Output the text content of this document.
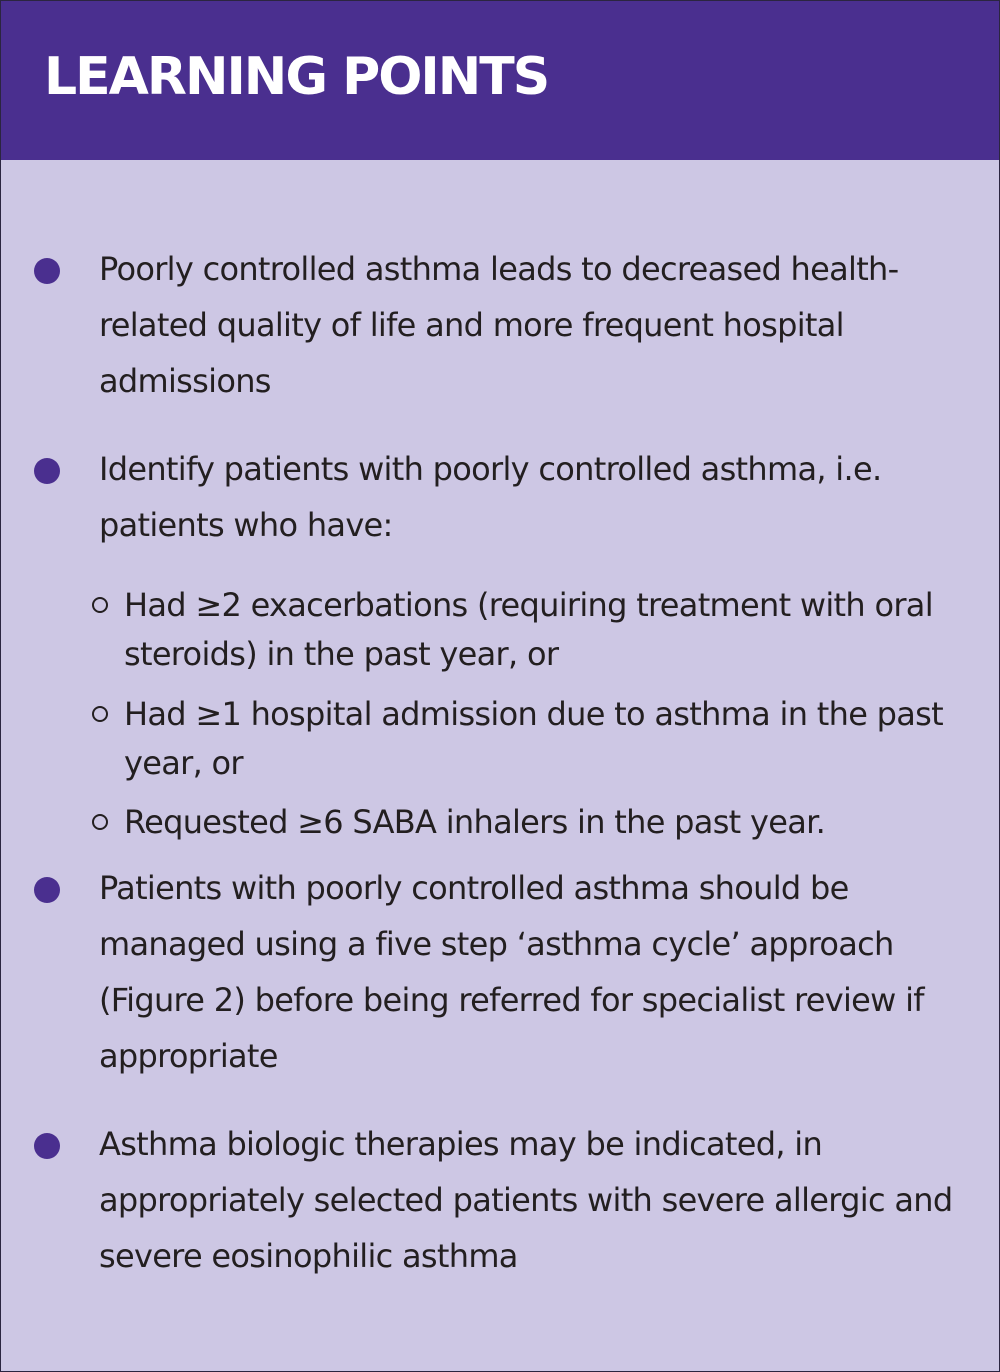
LEARNING POINTS
Poorly controlled asthma leads to decreased health-related quality of life and more frequent hospital admissions
Identify patients with poorly controlled asthma, i.e. patients who have:
Had ≥2 exacerbations (requiring treatment with oral steroids) in the past year, or
Had ≥1 hospital admission due to asthma in the past year, or
Requested ≥6 SABA inhalers in the past year.
Patients with poorly controlled asthma should be managed using a five step ‘asthma cycle’ approach (Figure 2) before being referred for specialist review if appropriate
Asthma biologic therapies may be indicated, in appropriately selected patients with severe allergic and severe eosinophilic asthma
